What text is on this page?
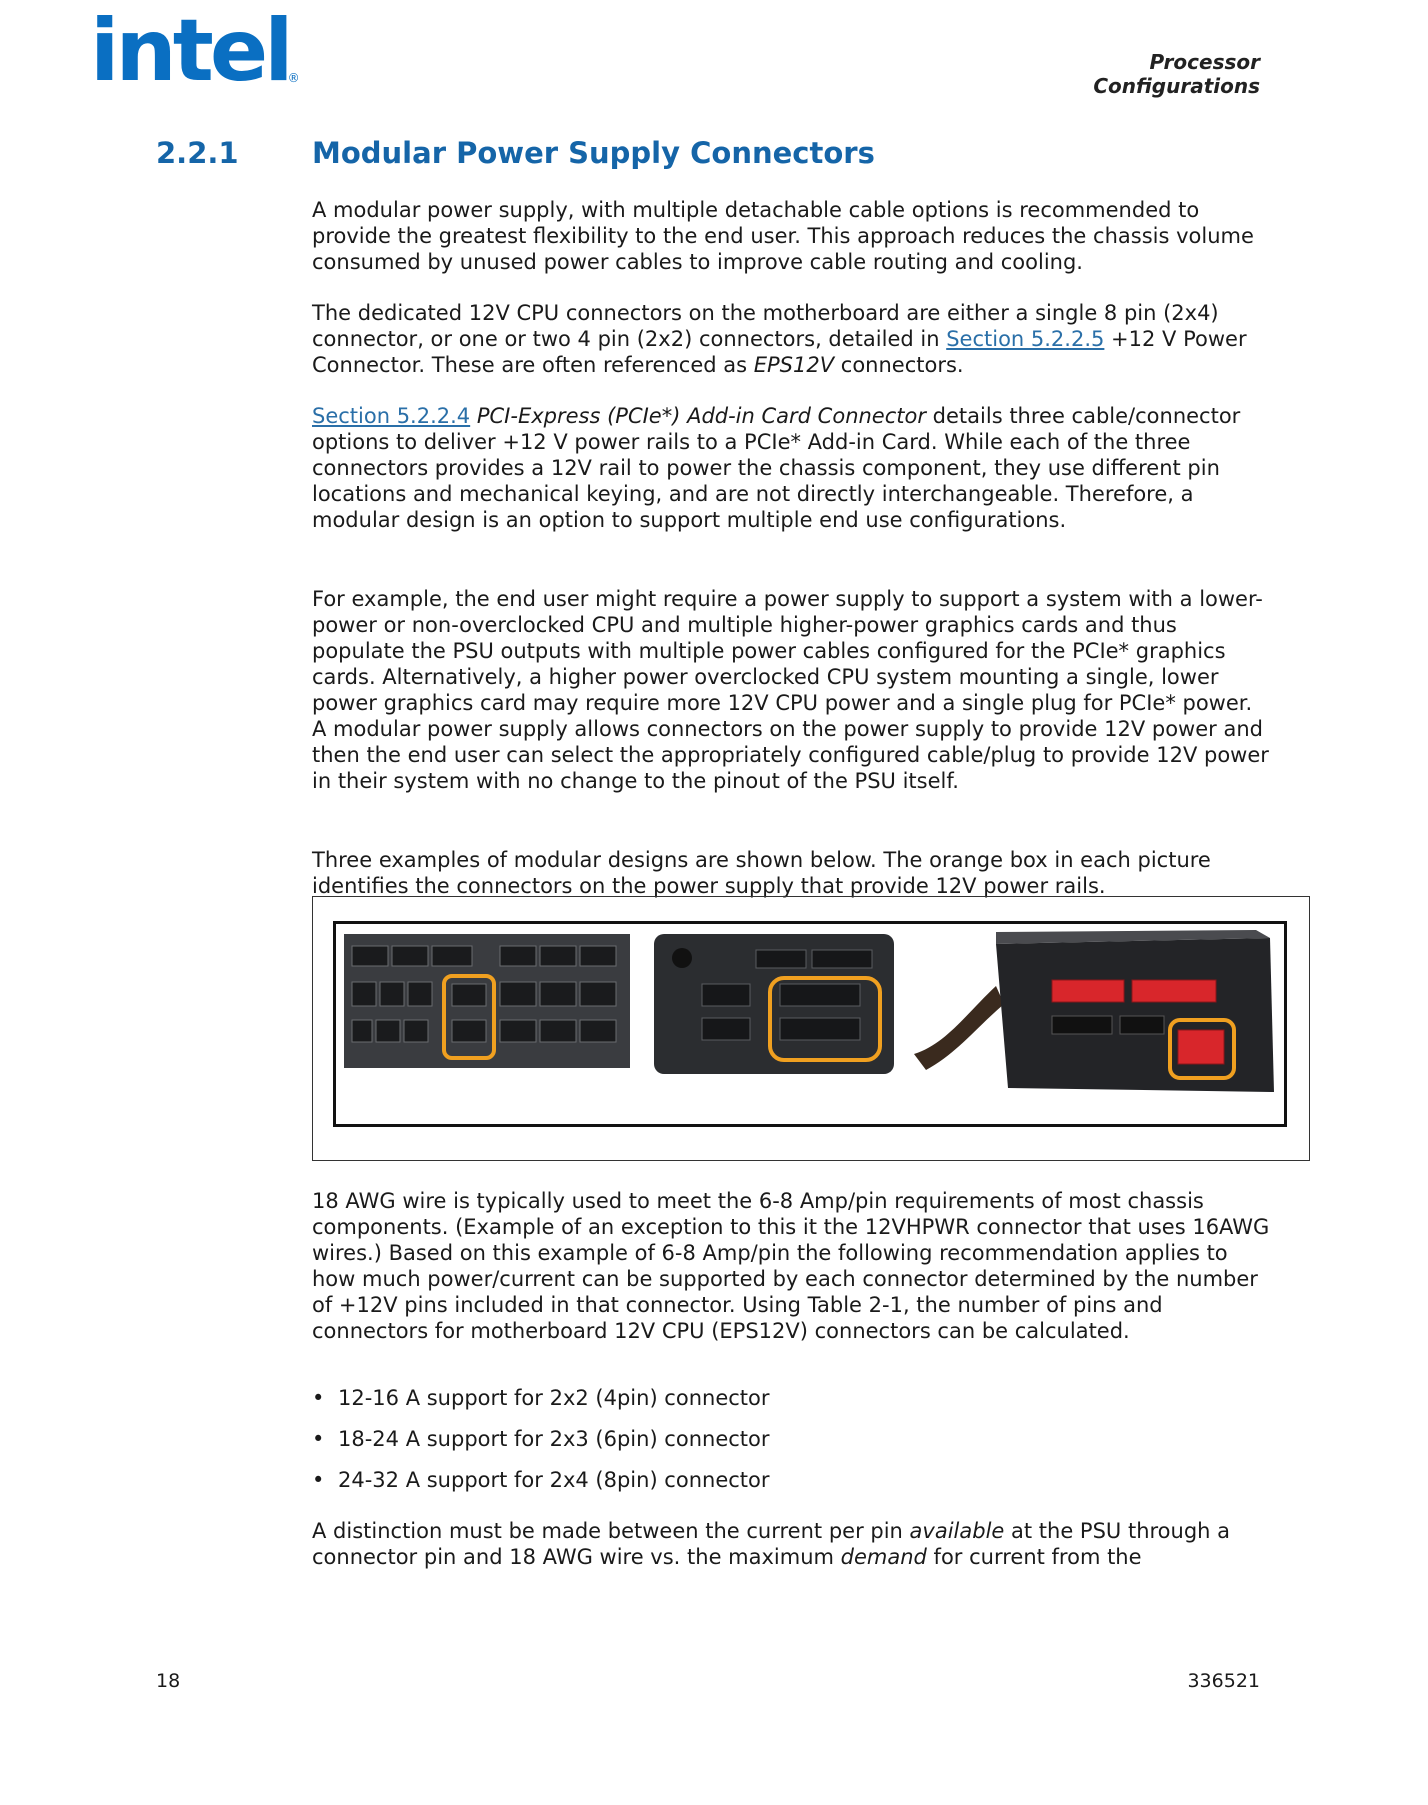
intel
®
Processor
Configurations
2.2.1	Modular Power Supply Connectors

A modular power supply, with multiple detachable cable options is recommended to provide the greatest flexibility to the end user. This approach reduces the chassis volume consumed by unused power cables to improve cable routing and cooling.

The dedicated 12V CPU connectors on the motherboard are either a single 8 pin (2x4) connector, or one or two 4 pin (2x2) connectors, detailed in Section 5.2.2.5 +12 V Power Connector. These are often referenced as EPS12V connectors.

Section 5.2.2.4 PCI-Express (PCIe*) Add-in Card Connector details three cable/connector options to deliver +12 V power rails to a PCIe* Add-in Card. While each of the three connectors provides a 12V rail to power the chassis component, they use different pin locations and mechanical keying, and are not directly interchangeable. Therefore, a modular design is an option to support multiple end use configurations.

For example, the end user might require a power supply to support a system with a lower-power or non-overclocked CPU and multiple higher-power graphics cards and thus populate the PSU outputs with multiple power cables configured for the PCIe* graphics cards. Alternatively, a higher power overclocked CPU system mounting a single, lower power graphics card may require more 12V CPU power and a single plug for PCIe* power. A modular power supply allows connectors on the power supply to provide 12V power and then the end user can select the appropriately configured cable/plug to provide 12V power in their system with no change to the pinout of the PSU itself.

Three examples of modular designs are shown below. The orange box in each picture identifies the connectors on the power supply that provide 12V power rails.

18 AWG wire is typically used to meet the 6-8 Amp/pin requirements of most chassis components. (Example of an exception to this it the 12VHPWR connector that uses 16AWG wires.) Based on this example of 6-8 Amp/pin the following recommendation applies to how much power/current can be supported by each connector determined by the number of +12V pins included in that connector. Using Table 2-1, the number of pins and connectors for motherboard 12V CPU (EPS12V) connectors can be calculated.

• 12-16 A support for 2x2 (4pin) connector
• 18-24 A support for 2x3 (6pin) connector
• 24-32 A support for 2x4 (8pin) connector

A distinction must be made between the current per pin available at the PSU through a connector pin and 18 AWG wire vs. the maximum demand for current from the

18	336521
